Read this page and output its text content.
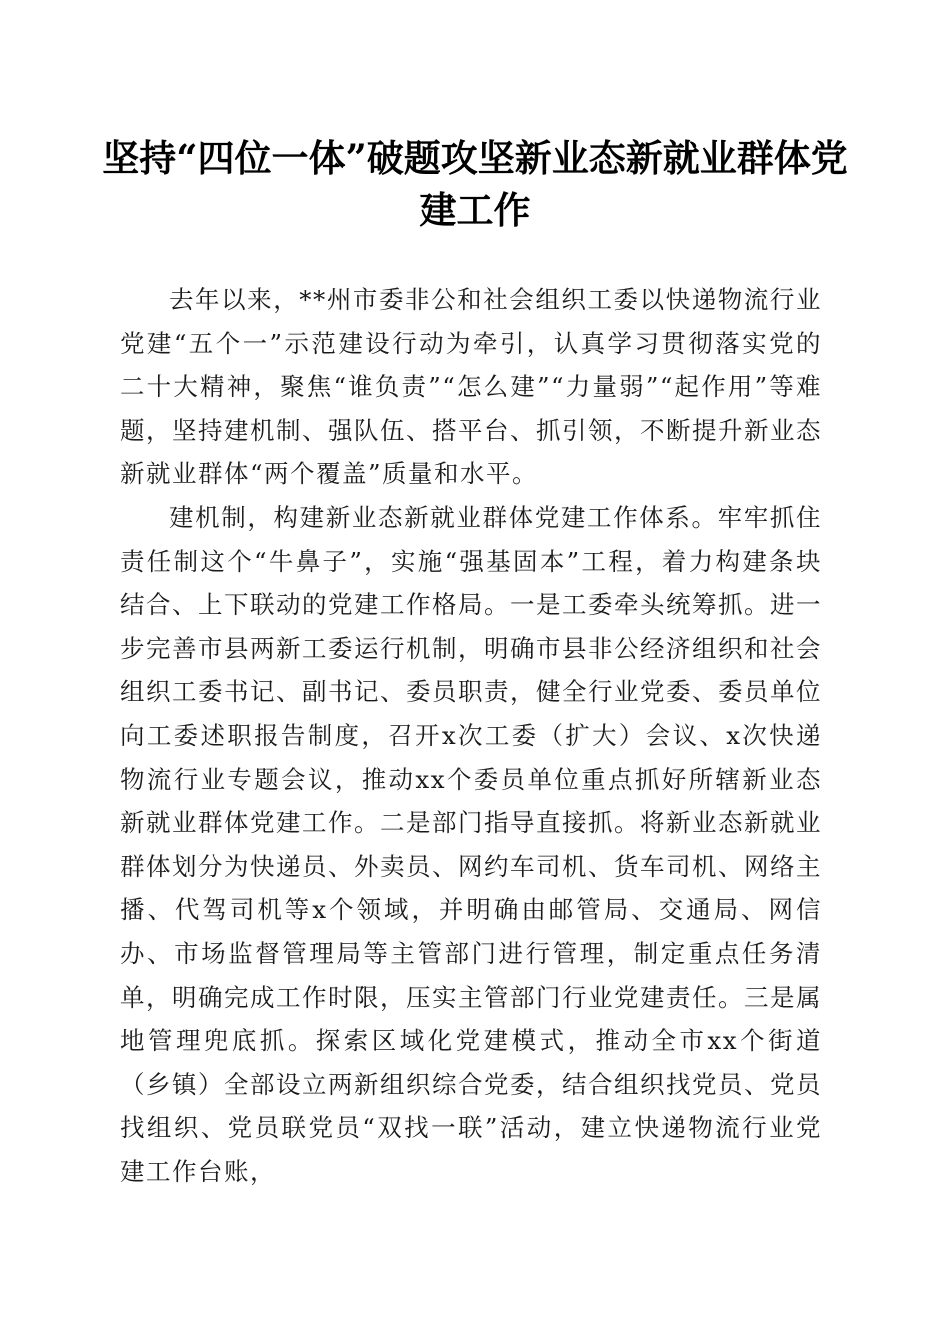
坚持“四位一体”破题攻坚新业态新就业群体党建工作

去年以来，**州市委非公和社会组织工委以快递物流行业党建“五个一”示范建设行动为牵引，认真学习贯彻落实党的二十大精神，聚焦“谁负责”“怎么建”“力量弱”“起作用”等难题，坚持建机制、强队伍、搭平台、抓引领，不断提升新业态新就业群体“两个覆盖”质量和水平。

建机制，构建新业态新就业群体党建工作体系。牢牢抓住责任制这个“牛鼻子”，实施“强基固本”工程，着力构建条块结合、上下联动的党建工作格局。一是工委牵头统筹抓。进一步完善市县两新工委运行机制，明确市县非公经济组织和社会组织工委书记、副书记、委员职责，健全行业党委、委员单位向工委述职报告制度，召开x次工委（扩大）会议、x次快递物流行业专题会议，推动xx个委员单位重点抓好所辖新业态新就业群体党建工作。二是部门指导直接抓。将新业态新就业群体划分为快递员、外卖员、网约车司机、货车司机、网络主播、代驾司机等x个领域，并明确由邮管局、交通局、网信办、市场监督管理局等主管部门进行管理，制定重点任务清单，明确完成工作时限，压实主管部门行业党建责任。三是属地管理兜底抓。探索区域化党建模式，推动全市xx个街道（乡镇）全部设立两新组织综合党委，结合组织找党员、党员找组织、党员联党员“双找一联”活动，建立快递物流行业党建工作台账，
